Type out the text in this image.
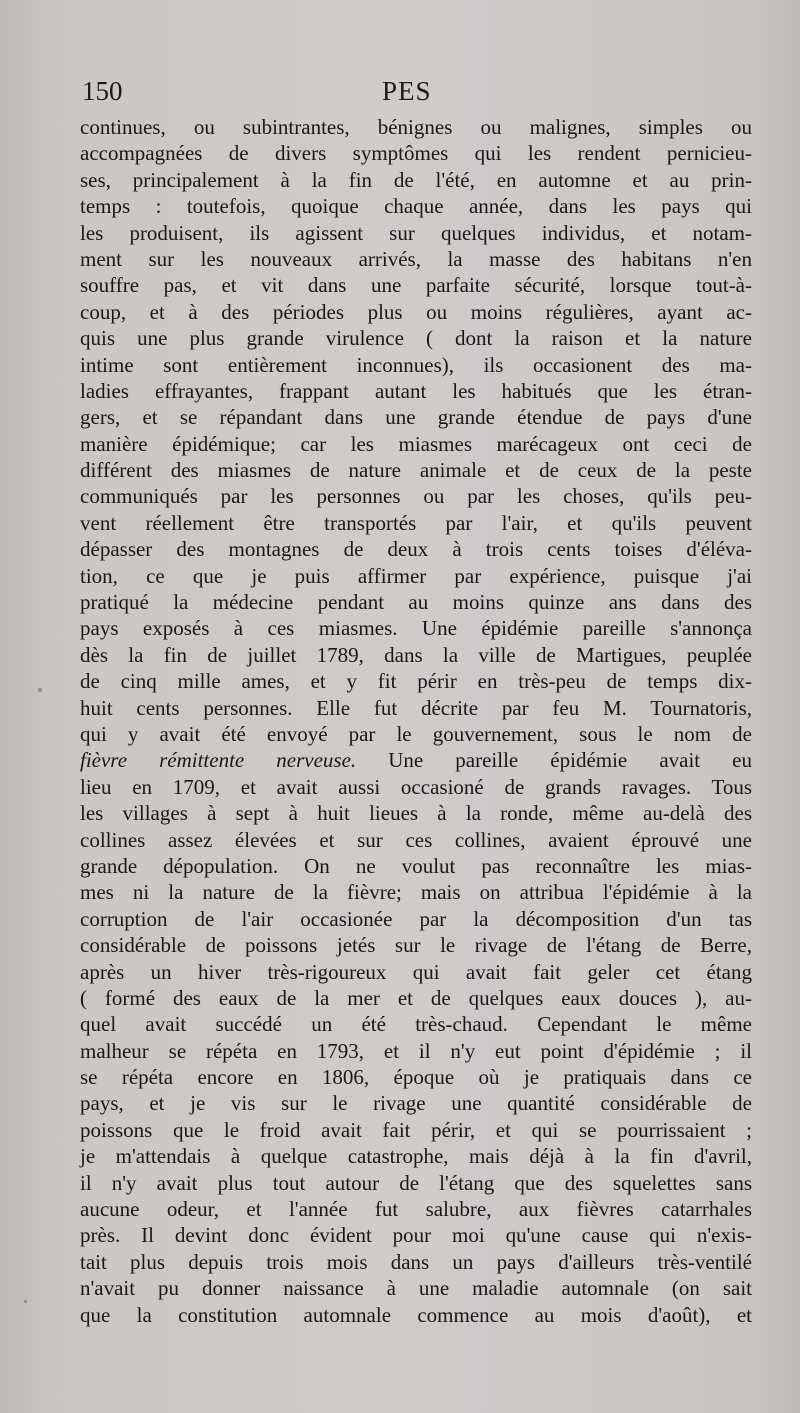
150	PES
continues, ou subintrantes, bénignes ou malignes, simples ou
accompagnées de divers symptômes qui les rendent pernicieu-
ses, principalement à la fin de l'été, en automne et au prin-
temps : toutefois, quoique chaque année, dans les pays qui
les produisent, ils agissent sur quelques individus, et notam-
ment sur les nouveaux arrivés, la masse des habitans n'en
souffre pas, et vit dans une parfaite sécurité, lorsque tout-à-
coup, et à des périodes plus ou moins régulières, ayant ac-
quis une plus grande virulence ( dont la raison et la nature
intime sont entièrement inconnues), ils occasionent des ma-
ladies effrayantes, frappant autant les habitués que les étran-
gers, et se répandant dans une grande étendue de pays d'une
manière épidémique; car les miasmes marécageux ont ceci de
différent des miasmes de nature animale et de ceux de la peste
communiqués par les personnes ou par les choses, qu'ils peu-
vent réellement être transportés par l'air, et qu'ils peuvent
dépasser des montagnes de deux à trois cents toises d'éléva-
tion, ce que je puis affirmer par expérience, puisque j'ai
pratiqué la médecine pendant au moins quinze ans dans des
pays exposés à ces miasmes. Une épidémie pareille s'annonça
dès la fin de juillet 1789, dans la ville de Martigues, peuplée
de cinq mille ames, et y fit périr en très-peu de temps dix-
huit cents personnes. Elle fut décrite par feu M. Tournatoris,
qui y avait été envoyé par le gouvernement, sous le nom de
fièvre rémittente nerveuse. Une pareille épidémie avait eu
lieu en 1709, et avait aussi occasioné de grands ravages. Tous
les villages à sept à huit lieues à la ronde, même au-delà des
collines assez élevées et sur ces collines, avaient éprouvé une
grande dépopulation. On ne voulut pas reconnaître les mias-
mes ni la nature de la fièvre; mais on attribua l'épidémie à la
corruption de l'air occasionée par la décomposition d'un tas
considérable de poissons jetés sur le rivage de l'étang de Berre,
après un hiver très-rigoureux qui avait fait geler cet étang
( formé des eaux de la mer et de quelques eaux douces ), au-
quel avait succédé un été très-chaud. Cependant le même
malheur se répéta en 1793, et il n'y eut point d'épidémie ; il
se répéta encore en 1806, époque où je pratiquais dans ce
pays, et je vis sur le rivage une quantité considérable de
poissons que le froid avait fait périr, et qui se pourrissaient ;
je m'attendais à quelque catastrophe, mais déjà à la fin d'avril,
il n'y avait plus tout autour de l'étang que des squelettes sans
aucune odeur, et l'année fut salubre, aux fièvres catarrhales
près. Il devint donc évident pour moi qu'une cause qui n'exis-
tait plus depuis trois mois dans un pays d'ailleurs très-ventilé
n'avait pu donner naissance à une maladie automnale (on sait
que la constitution automnale commence au mois d'août), et
